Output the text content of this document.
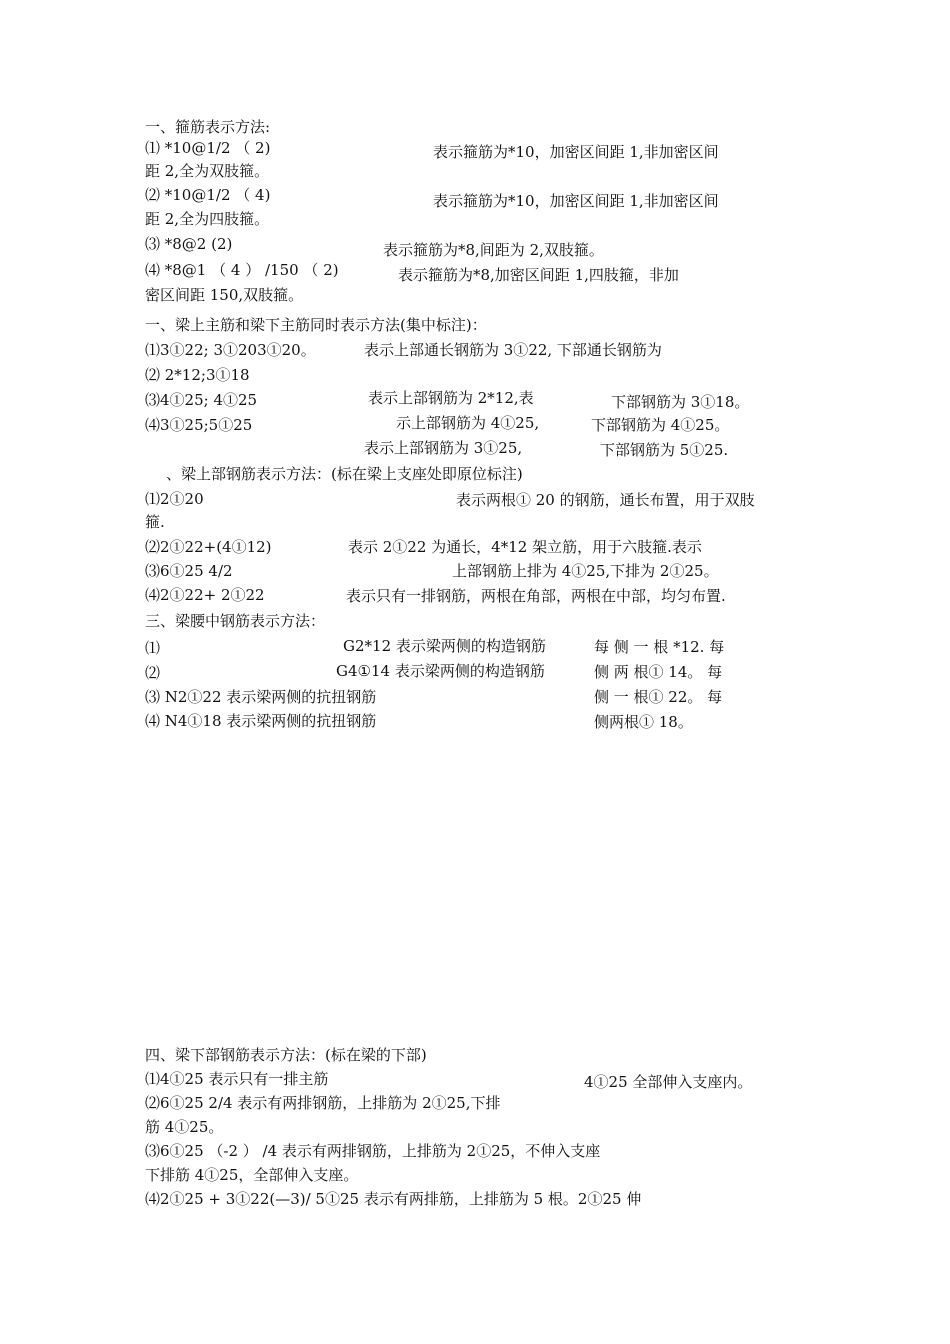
一、箍筋表示方法:
⑴ *10@1/2 （ 2)	表示箍筋为*10，加密区间距 1,非加密区间
距 2,全为双肢箍。
⑵ *10@1/2 （ 4)	表示箍筋为*10，加密区间距 1,非加密区间
距 2,全为四肢箍。
⑶ *8@2 (2)	表示箍筋为*8,间距为 2,双肢箍。
⑷ *8@1 （ 4 ） /150 （ 2)	表示箍筋为*8,加密区间距 1,四肢箍，非加
密区间距 150,双肢箍。
一、梁上主筋和梁下主筋同时表示方法(集中标注)：
⑴3①22; 3①203①20。	表示上部通长钢筋为 3①22, 下部通长钢筋为
⑵ 2*12;3①18
⑶4①25; 4①25	表示上部钢筋为 2*12,表	下部钢筋为 3①18。
⑷3①25;5①25	示上部钢筋为 4①25,	下部钢筋为 4①25。
表示上部钢筋为 3①25,	下部钢筋为 5①25.
、梁上部钢筋表示方法：(标在梁上支座处即原位标注)
⑴2①20	表示两根① 20 的钢筋，通长布置，用于双肢
箍.
⑵2①22+(4①12)	表示 2①22 为通长，4*12 架立筋，用于六肢箍.表示
⑶6①25 4/2	上部钢筋上排为 4①25,下排为 2①25。
⑷2①22+ 2①22	表示只有一排钢筋，两根在角部，两根在中部，均匀布置.
三、梁腰中钢筋表示方法：
⑴	G2*12 表示梁两侧的构造钢筋	每 侧 一 根 *12. 每
⑵	G4①14 表示梁两侧的构造钢筋	侧 两 根① 14。 每
⑶ N2①22 表示梁两侧的抗扭钢筋	侧 一 根① 22。 每
⑷ N4①18 表示梁两侧的抗扭钢筋	侧两根① 18。
四、梁下部钢筋表示方法：(标在梁的下部)
⑴4①25 表示只有一排主筋	4①25 全部伸入支座内。
⑵6①25 2/4 表示有两排钢筋，上排筋为 2①25,下排
筋 4①25。
⑶6①25 （-2 ） /4 表示有两排钢筋，上排筋为 2①25，不伸入支座
下排筋 4①25，全部伸入支座。
⑷2①25 + 3①22(—3)/ 5①25 表示有两排筋，上排筋为 5 根。2①25 伸
